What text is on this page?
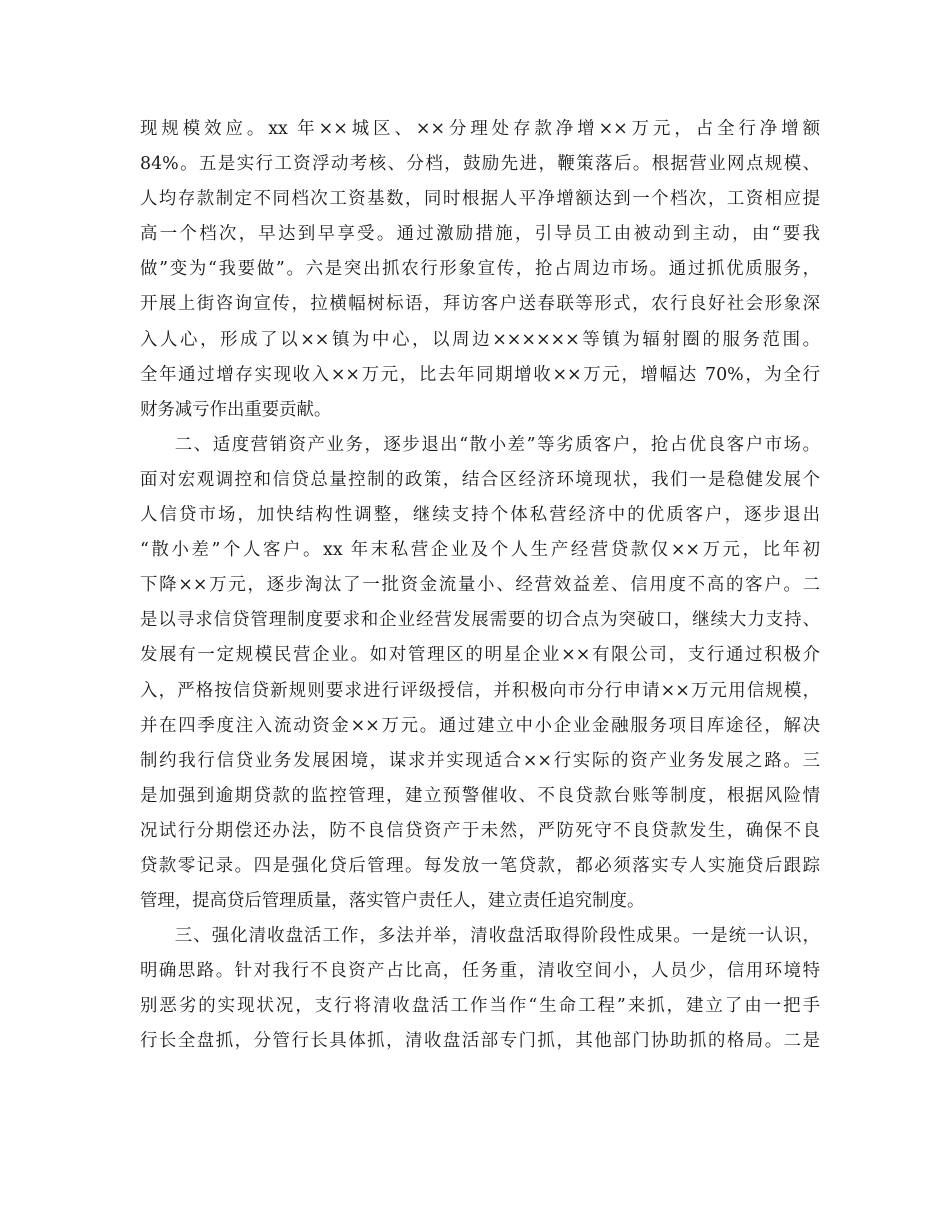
现规模效应。xx 年××城区、××分理处存款净增××万元，占全行净增额
84%。五是实行工资浮动考核、分档，鼓励先进，鞭策落后。根据营业网点规模、
人均存款制定不同档次工资基数，同时根据人平净增额达到一个档次，工资相应提
高一个档次，早达到早享受。通过激励措施，引导员工由被动到主动，由“要我
做”变为“我要做”。六是突出抓农行形象宣传，抢占周边市场。通过抓优质服务，
开展上街咨询宣传，拉横幅树标语，拜访客户送春联等形式，农行良好社会形象深
入人心，形成了以××镇为中心，以周边××××××等镇为辐射圈的服务范围。
全年通过增存实现收入××万元，比去年同期增收××万元，增幅达 70%，为全行
财务减亏作出重要贡献。
二、适度营销资产业务，逐步退出“散小差”等劣质客户，抢占优良客户市场。
面对宏观调控和信贷总量控制的政策，结合区经济环境现状，我们一是稳健发展个
人信贷市场，加快结构性调整，继续支持个体私营经济中的优质客户，逐步退出
“散小差”个人客户。xx 年末私营企业及个人生产经营贷款仅××万元，比年初
下降××万元，逐步淘汰了一批资金流量小、经营效益差、信用度不高的客户。二
是以寻求信贷管理制度要求和企业经营发展需要的切合点为突破口，继续大力支持、
发展有一定规模民营企业。如对管理区的明星企业××有限公司，支行通过积极介
入，严格按信贷新规则要求进行评级授信，并积极向市分行申请××万元用信规模，
并在四季度注入流动资金××万元。通过建立中小企业金融服务项目库途径，解决
制约我行信贷业务发展困境，谋求并实现适合××行实际的资产业务发展之路。三
是加强到逾期贷款的监控管理，建立预警催收、不良贷款台账等制度，根据风险情
况试行分期偿还办法，防不良信贷资产于未然，严防死守不良贷款发生，确保不良
贷款零记录。四是强化贷后管理。每发放一笔贷款，都必须落实专人实施贷后跟踪
管理，提高贷后管理质量，落实管户责任人，建立责任追究制度。
三、强化清收盘活工作，多法并举，清收盘活取得阶段性成果。一是统一认识，
明确思路。针对我行不良资产占比高，任务重，清收空间小，人员少，信用环境特
别恶劣的实现状况，支行将清收盘活工作当作“生命工程”来抓，建立了由一把手
行长全盘抓，分管行长具体抓，清收盘活部专门抓，其他部门协助抓的格局。二是
